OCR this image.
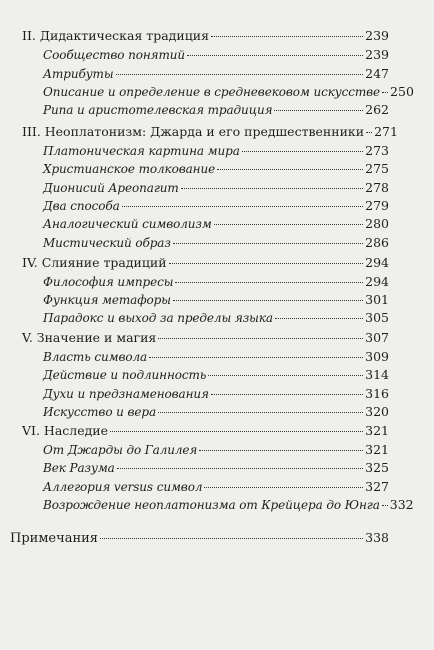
II. Дидактическая традиция	239
Сообщество понятий	239
Атрибуты	247
Описание и определение в средневековом искусстве 250
Рипа и аристотелевская традиция	262
III. Неоплатонизм: Джарда и его предшественники 271
Платоническая картина мира	273
Христианское толкование	275
Дионисий Ареопагит	278
Два способа	279
Аналогический символизм	280
Мистический образ	286
IV. Слияние традиций	294
Философия импресы	294
Функция метафоры	301
Парадокс и выход за пределы языка	305
V. Значение и магия	307
Власть символа	309
Действие и подлинность	314
Духи и предзнаменования	316
Искусство и вера	320
VI. Наследие	321
От Джарды до Галилея	321
Век Разума	325
Аллегория versus символ	327
Возрождение неоплатонизма от Крейцера до Юнга 332
Примечания	338
